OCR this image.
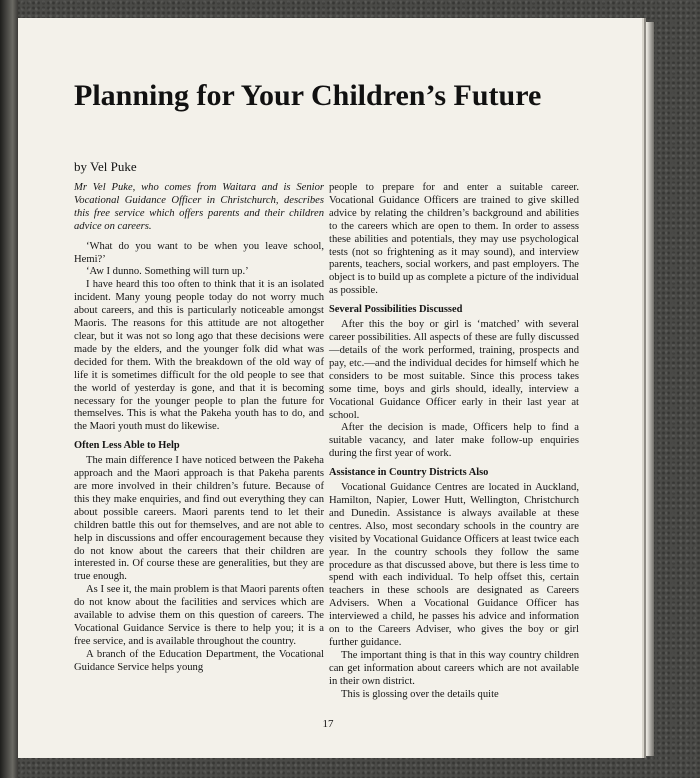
Planning for Your Children’s Future

by Vel Puke

Mr Vel Puke, who comes from Waitara and is Senior Vocational Guidance Officer in Christchurch, describes this free service which offers parents and their children advice on careers.

‘What do you want to be when you leave school, Hemi?’

‘Aw I dunno. Something will turn up.’

I have heard this too often to think that it is an isolated incident. Many young people today do not worry much about careers, and this is particularly noticeable amongst Maoris. The reasons for this attitude are not altogether clear, but it was not so long ago that these decisions were made by the elders, and the younger folk did what was decided for them. With the breakdown of the old way of life it is sometimes difficult for the old people to see that the world of yesterday is gone, and that it is becoming necessary for the younger people to plan the future for themselves. This is what the Pakeha youth has to do, and the Maori youth must do likewise.

Often Less Able to Help

The main difference I have noticed between the Pakeha approach and the Maori approach is that Pakeha parents are more involved in their children’s future. Because of this they make enquiries, and find out everything they can about possible careers. Maori parents tend to let their children battle this out for themselves, and are not able to help in discussions and offer encouragement because they do not know about the careers that their children are interested in. Of course these are generalities, but they are true enough.

As I see it, the main problem is that Maori parents often do not know about the facilities and services which are available to advise them on this question of careers. The Vocational Guidance Service is there to help you; it is a free service, and is available throughout the country.

A branch of the Education Department, the Vocational Guidance Service helps young

people to prepare for and enter a suitable career. Vocational Guidance Officers are trained to give skilled advice by relating the children’s background and abilities to the careers which are open to them. In order to assess these abilities and potentials, they may use psychological tests (not so frightening as it may sound), and interview parents, teachers, social workers, and past employers. The object is to build up as complete a picture of the individual as possible.

Several Possibilities Discussed

After this the boy or girl is ‘matched’ with several career possibilities. All aspects of these are fully discussed—details of the work performed, training, prospects and pay, etc.—and the individual decides for himself which he considers to be most suitable. Since this process takes some time, boys and girls should, ideally, interview a Vocational Guidance Officer early in their last year at school.

After the decision is made, Officers help to find a suitable vacancy, and later make follow-up enquiries during the first year of work.

Assistance in Country Districts Also

Vocational Guidance Centres are located in Auckland, Hamilton, Napier, Lower Hutt, Wellington, Christchurch and Dunedin. Assistance is always available at these centres. Also, most secondary schools in the country are visited by Vocational Guidance Officers at least twice each year. In the country schools they follow the same procedure as that discussed above, but there is less time to spend with each individual. To help offset this, certain teachers in these schools are designated as Careers Advisers. When a Vocational Guidance Officer has interviewed a child, he passes his advice and information on to the Careers Adviser, who gives the boy or girl further guidance.

The important thing is that in this way country children can get information about careers which are not available in their own district.

This is glossing over the details quite

17
